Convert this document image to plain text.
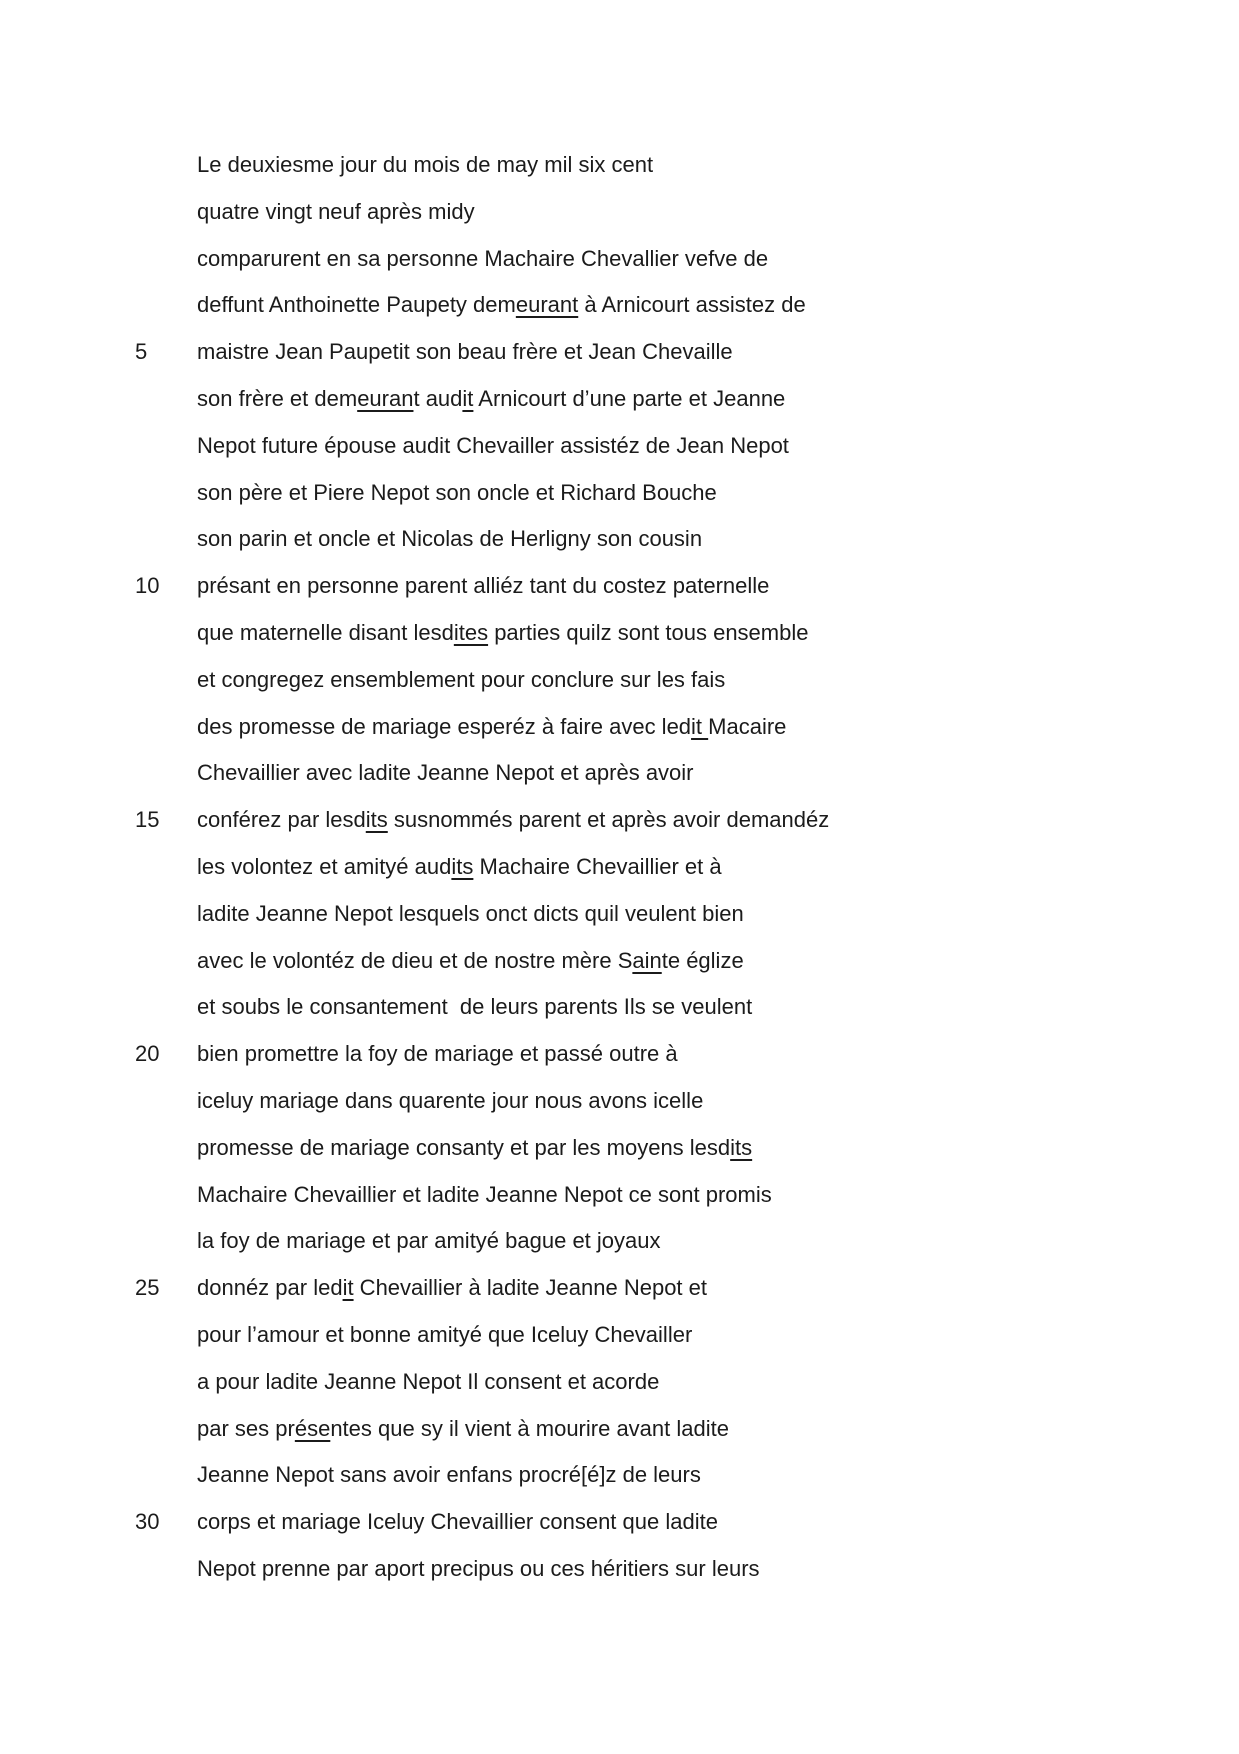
Le deuxiesme jour du mois de may mil six cent
quatre vingt neuf après midy
comparurent en sa personne Machaire Chevallier vefve de
deffunt Anthoinette Paupety demeurant à Arnicourt assistez de
5 maistre Jean Paupetit son beau frère et Jean Chevaille
son frère et demeurant audit Arnicourt d’une parte et Jeanne
Nepot future épouse audit Chevailler assistéz de Jean Nepot
son père et Piere Nepot son oncle et Richard Bouche
son parin et oncle et Nicolas de Herligny son cousin
10 présant en personne parent alliéz tant du costez paternelle
que maternelle disant lesdites parties quilz sont tous ensemble
et congregez ensemblement pour conclure sur les fais
des promesse de mariage esperéz à faire avec ledit Macaire
Chevaillier avec ladite Jeanne Nepot et après avoir
15 conférez par lesdits susnommés parent et après avoir demandéz
les volontez et amityé audits Machaire Chevaillier et à
ladite Jeanne Nepot lesquels onct dicts quil veulent bien
avec le volontéz de dieu et de nostre mère Sainte églize
et soubs le consantement  de leurs parents Ils se veulent
20 bien promettre la foy de mariage et passé outre à
iceluy mariage dans quarente jour nous avons icelle
promesse de mariage consanty et par les moyens lesdits
Machaire Chevaillier et ladite Jeanne Nepot ce sont promis
la foy de mariage et par amityé bague et joyaux
25 donnéz par ledit Chevaillier à ladite Jeanne Nepot et
pour l’amour et bonne amityé que Iceluy Chevailler
a pour ladite Jeanne Nepot Il consent et acorde
par ses présentes que sy il vient à mourire avant ladite
Jeanne Nepot sans avoir enfans procré[é]z de leurs
30 corps et mariage Iceluy Chevaillier consent que ladite
Nepot prenne par aport precipus ou ces héritiers sur leurs
